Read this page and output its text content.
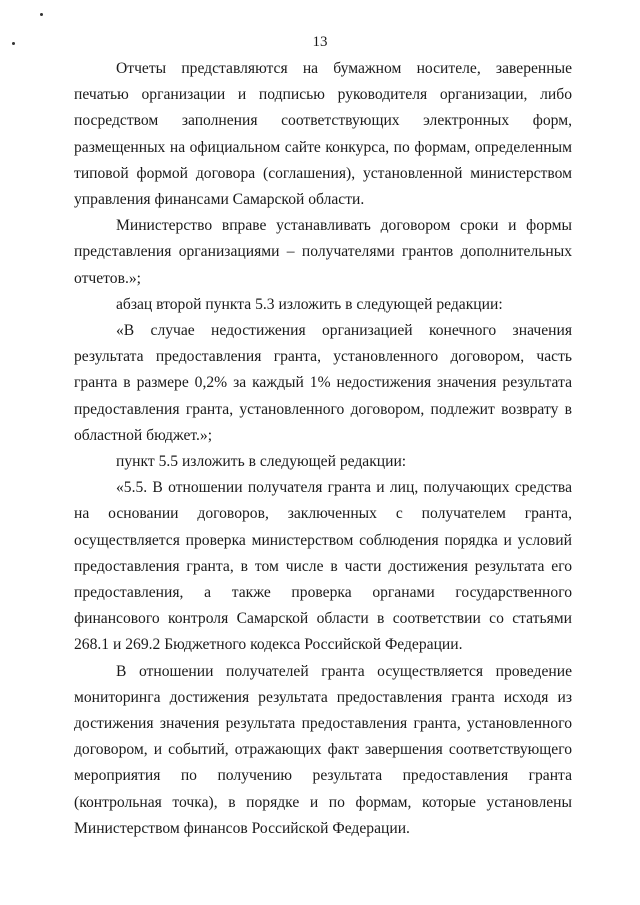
13

Отчеты представляются на бумажном носителе, заверенные печатью организации и подписью руководителя организации, либо посредством заполнения соответствующих электронных форм, размещенных на официальном сайте конкурса, по формам, определенным типовой формой договора (соглашения), установленной министерством управления финансами Самарской области.

Министерство вправе устанавливать договором сроки и формы представления организациями – получателями грантов дополнительных отчетов.»;

абзац второй пункта 5.3 изложить в следующей редакции:

«В случае недостижения организацией конечного значения результата предоставления гранта, установленного договором, часть гранта в размере 0,2% за каждый 1% недостижения значения результата предоставления гранта, установленного договором, подлежит возврату в областной бюджет.»;

пункт 5.5 изложить в следующей редакции:

«5.5. В отношении получателя гранта и лиц, получающих средства на основании договоров, заключенных с получателем гранта, осуществляется проверка министерством соблюдения порядка и условий предоставления гранта, в том числе в части достижения результата его предоставления, а также проверка органами государственного финансового контроля Самарской области в соответствии со статьями 268.1 и 269.2 Бюджетного кодекса Российской Федерации.

В отношении получателей гранта осуществляется проведение мониторинга достижения результата предоставления гранта исходя из достижения значения результата предоставления гранта, установленного договором, и событий, отражающих факт завершения соответствующего мероприятия по получению результата предоставления гранта (контрольная точка), в порядке и по формам, которые установлены Министерством финансов Российской Федерации.
